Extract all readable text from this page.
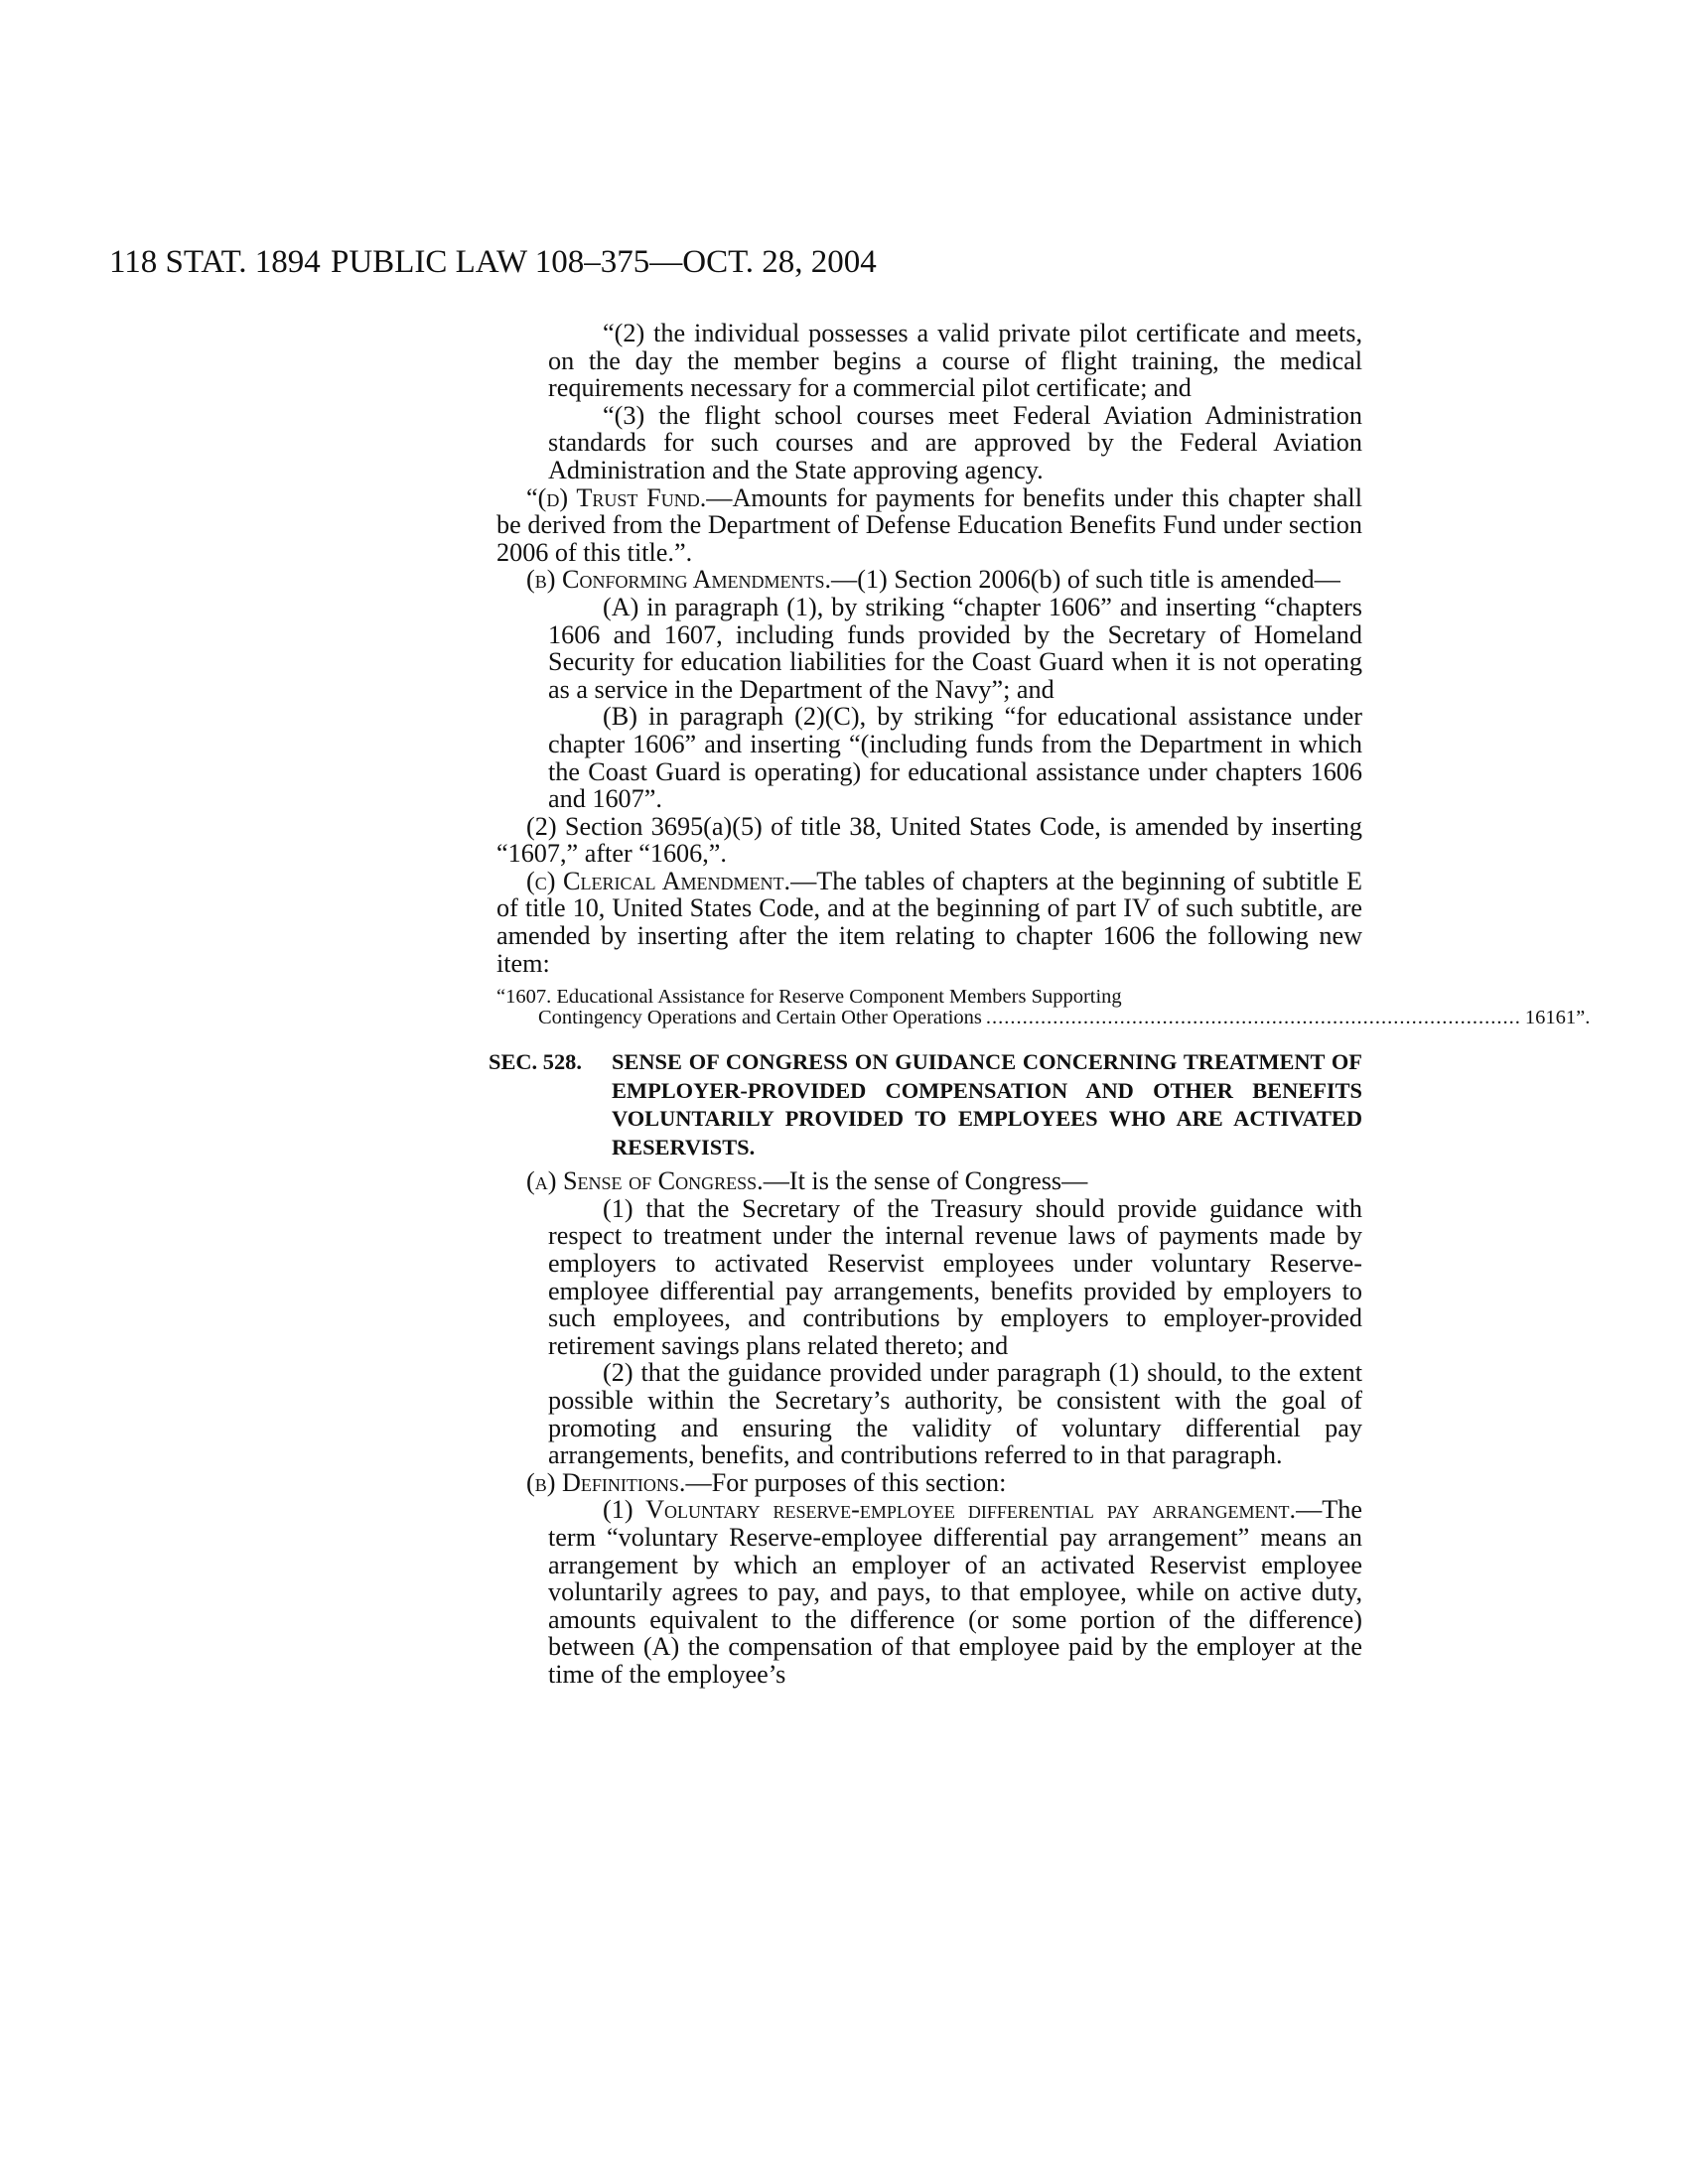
118 STAT. 1894 PUBLIC LAW 108–375—OCT. 28, 2004

“(2) the individual possesses a valid private pilot certificate and meets, on the day the member begins a course of flight training, the medical requirements necessary for a commercial pilot certificate; and

“(3) the flight school courses meet Federal Aviation Administration standards for such courses and are approved by the Federal Aviation Administration and the State approving agency.

“(d) Trust Fund.—Amounts for payments for benefits under this chapter shall be derived from the Department of Defense Education Benefits Fund under section 2006 of this title.”.

(b) Conforming Amendments.—(1) Section 2006(b) of such title is amended—

(A) in paragraph (1), by striking “chapter 1606” and inserting “chapters 1606 and 1607, including funds provided by the Secretary of Homeland Security for education liabilities for the Coast Guard when it is not operating as a service in the Department of the Navy”; and

(B) in paragraph (2)(C), by striking “for educational assistance under chapter 1606” and inserting “(including funds from the Department in which the Coast Guard is operating) for educational assistance under chapters 1606 and 1607”.

(2) Section 3695(a)(5) of title 38, United States Code, is amended by inserting “1607,” after “1606,”.

(c) Clerical Amendment.—The tables of chapters at the beginning of subtitle E of title 10, United States Code, and at the beginning of part IV of such subtitle, are amended by inserting after the item relating to chapter 1606 the following new item:

“1607. Educational Assistance for Reserve Component Members Supporting
Contingency Operations and Certain Other Operations ........................................................................................ 16161”.
SEC. 528.	SENSE OF CONGRESS ON GUIDANCE CONCERNING TREATMENT OF EMPLOYER-PROVIDED COMPENSATION AND OTHER BENEFITS VOLUNTARILY PROVIDED TO EMPLOYEES WHO ARE ACTIVATED RESERVISTS.

(a) Sense of Congress.—It is the sense of Congress—

(1) that the Secretary of the Treasury should provide guidance with respect to treatment under the internal revenue laws of payments made by employers to activated Reservist employees under voluntary Reserve-employee differential pay arrangements, benefits provided by employers to such employees, and contributions by employers to employer-provided retirement savings plans related thereto; and

(2) that the guidance provided under paragraph (1) should, to the extent possible within the Secretary’s authority, be consistent with the goal of promoting and ensuring the validity of voluntary differential pay arrangements, benefits, and contributions referred to in that paragraph.

(b) Definitions.—For purposes of this section:

(1) Voluntary reserve-employee differential pay arrangement.—The term “voluntary Reserve-employee differential pay arrangement” means an arrangement by which an employer of an activated Reservist employee voluntarily agrees to pay, and pays, to that employee, while on active duty, amounts equivalent to the difference (or some portion of the difference) between (A) the compensation of that employee paid by the employer at the time of the employee’s
